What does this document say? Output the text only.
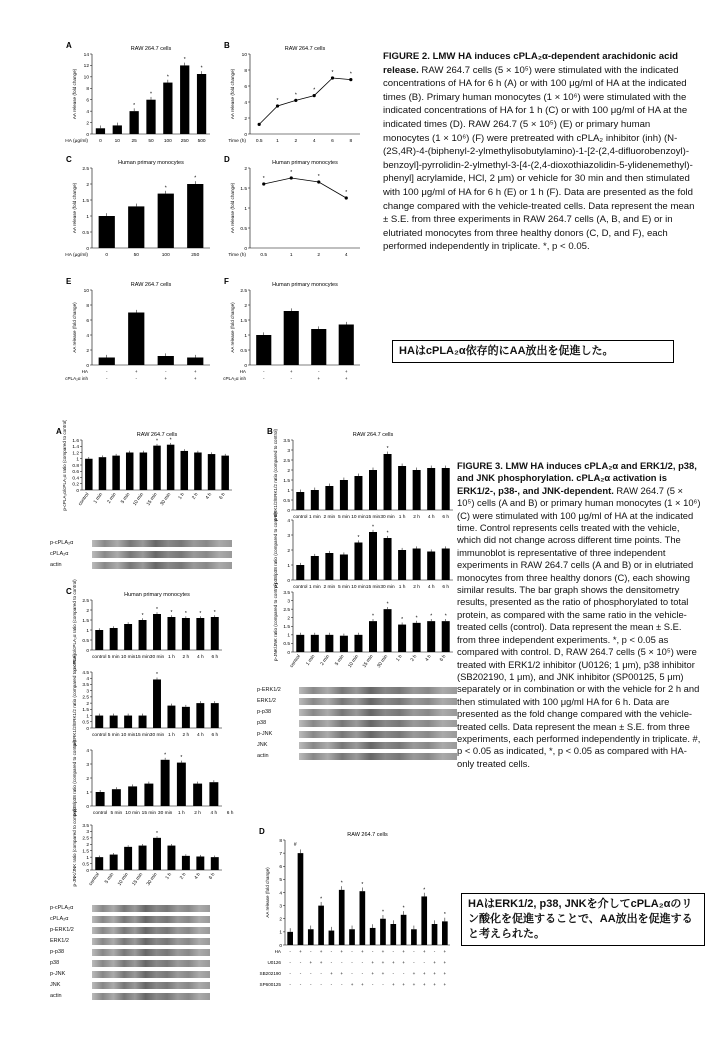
A	RAW 264.7 cells
0
2
4
6
8
10
12
14
AA release (fold change)	*
*
*
*
*
0	10 25 50 100 250 500
HA (μg/ml)
B	RAW 264.7 cells
0
2
4
6
8
10
AA release (fold change)	*
*
*
*	*
0.5	1	2	4	6	8
Time (h)
C	Human primary monocytes
0
0.5
1
1.5
2
2.5
AA release (fold change)	*
*
0	50	100	250
HA (μg/ml)
D	Human primary monocytes
0
0.5
1
1.5
2
AA release (fold change)
*
*
*
*
0.5	1	2	4
Time (h)
E	RAW 264.7 cells
0
2
4
6
8
10
AA release (fold change)
HA	-	+	-	+
cPLA₂α inh	-	-	+	+
F	Human primary monocytes
0
0.5
1
1.5
2
2.5
AA release (fold change)
HA	-	+	-	+
cPLA₂α inh	-	-	+	+
FIGURE 2. LMW HA induces cPLA₂α-dependent arachidonic acid release. RAW 264.7 cells (5 × 10⁵) were stimulated with the indicated concentrations of HA for 6 h (A) or with 100 μg/ml of HA at the indicated times (B). Primary human monocytes (1 × 10⁶) were stimulated with the indicated concentrations of HA for 1 h (C) or with 100 μg/ml of HA at the indicated times (D). RAW 264.7 (5 × 10⁵) (E) or primary human monocytes (1 × 10⁶) (F) were pretreated with cPLA₂ inhibitor (inh) (N-(2S,4R)-4-(biphenyl-2-ylmethylisobutylamino)-1-[2-(2,4-difluorobenzoyl)-benzoyl]-pyrrolidin-2-ylmethyl-3-[4-(2,4-dioxothiazolidin-5-ylidenemethyl)-phenyl] acrylamide, HCl, 2 μm) or vehicle for 30 min and then stimulated with 100 μg/ml of HA for 6 h (E) or 1 h (F). Data are presented as the fold change compared with the vehicle-treated cells. Data represent the mean ± S.E. from three experiments in RAW 264.7 cells (A, B, and E) or in elutriated monocytes from three healthy donors (C, D, and F), each performed independently in triplicate. *, p < 0.05.
HAはcPLA₂α依存的にAA放出を促進した。
A	RAW 264.7 cells
0
0.2
0.4
0.6
0.8
1
1.2
1.4
1.6
p-cPLA₂α/cPLA₂α ratio (compared to control)	* *
control 1 min 2 min 5 min 10 min 15 min 30 min 1 h 2 h 4 h 6 h
B	RAW 264.7 cells
0
0.5
1
1.5
2
2.5
3
3.5
p-ERK1/2/ERK1/2 ratio (compared to control)	*
control 1 min 2 min 5 min 10 min 15 min 30 min 1 h 2 h 4 h 6 h
0
1
2
3
4
p-p38/p38 ratio (compared to control)	*
*
*
control 1 min 2 min 5 min 10 min 15 min 30 min 1 h 2 h 4 h 6 h
0
0.5
1
1.5
2
2.5
3
3.5
p-JNK/JNK ratio (compared to control)	*
*
*	*	*	*
control 1 min 2 min 5 min 10 min 15 min 30 min 1 h 2 h 4 h 6 h
C	Human primary monocytes
0
0.5
1
1.5
2
2.5
p-cPLA₂α/cPLA₂α ratio (compared to control)	*
* * * * *
control 5 min 10 min 15 min 30 min 1 h 2 h 4 h 6 h
0
0.5
1
1.5
2
2.5
3
3.5
4
4.5
p-ERK1/2/ERK1/2 ratio (compared to control)	*
control 5 min 10 min 15 min 30 min 1 h 2 h 4 h 6 h
0
1
2
3
4
p-p38/p38 ratio (compared to control)	*	*
control 5 min 10 min 15 min 30 min 1 h 2 h 4 h 6 h
0
0.5
1
1.5
2
2.5
3
3.5
p-JNK/JNK ratio (compared to control)	*
control 5 min 10 min 15 min 30 min 1 h 2 h 4 h 6 h
D	RAW 264.7 cells
0
1
2
3
4
5
6
7
8
AA release (fold change)	*
*	*
*
*
*
*
HA - + - + - + - + - + - + - + - +
U0126 - - + + - - - - + + + + - - + +
SB202190 - - - - + + - - + + - - + + + +
SP600125 - - - - - - + + - - + + + + + +
#
p-cPLA₂α
cPLA₂α
actin
p-ERK1/2
ERK1/2
p-p38
p38
p-JNK
JNK
actin
p-cPLA₂α
cPLA₂α
p-ERK1/2
ERK1/2
p-p38
p38
p-JNK
JNK
actin
FIGURE 3. LMW HA induces cPLA₂α and ERK1/2, p38, and JNK phosphorylation. cPLA₂α activation is ERK1/2-, p38-, and JNK-dependent. RAW 264.7 (5 × 10⁵) cells (A and B) or primary human monocytes (1 × 10⁶) (C) were stimulated with 100 μg/ml of HA at the indicated time. Control represents cells treated with the vehicle, which did not change across different time points. The immunoblot is representative of three independent experiments in RAW 264.7 cells (A and B) or in elutriated monocytes from three healthy donors (C), each showing similar results. The bar graph shows the densitometry results, presented as the ratio of phosphorylated to total protein, as compared with the same ratio in the vehicle-treated cells (control). Data represent the mean ± S.E. from three independent experiments. *, p < 0.05 as compared with control. D, RAW 264.7 cells (5 × 10⁵) were treated with ERK1/2 inhibitor (U0126; 1 μm), p38 inhibitor (SB202190, 1 μm), and JNK inhibitor (SP00125, 5 μm) separately or in combination or with the vehicle for 2 h and then stimulated with 100 μg/ml HA for 6 h. Data are presented as the fold change compared with the vehicle-treated cells. Data represent the mean ± S.E. from three experiments, each performed independently in triplicate. #, p < 0.05 as indicated, *, p < 0.05 as compared with HA-only treated cells.
HAはERK1/2, p38, JNKを介してcPLA₂αのリン酸化を促進することで、AA放出を促進すると考えられた。
